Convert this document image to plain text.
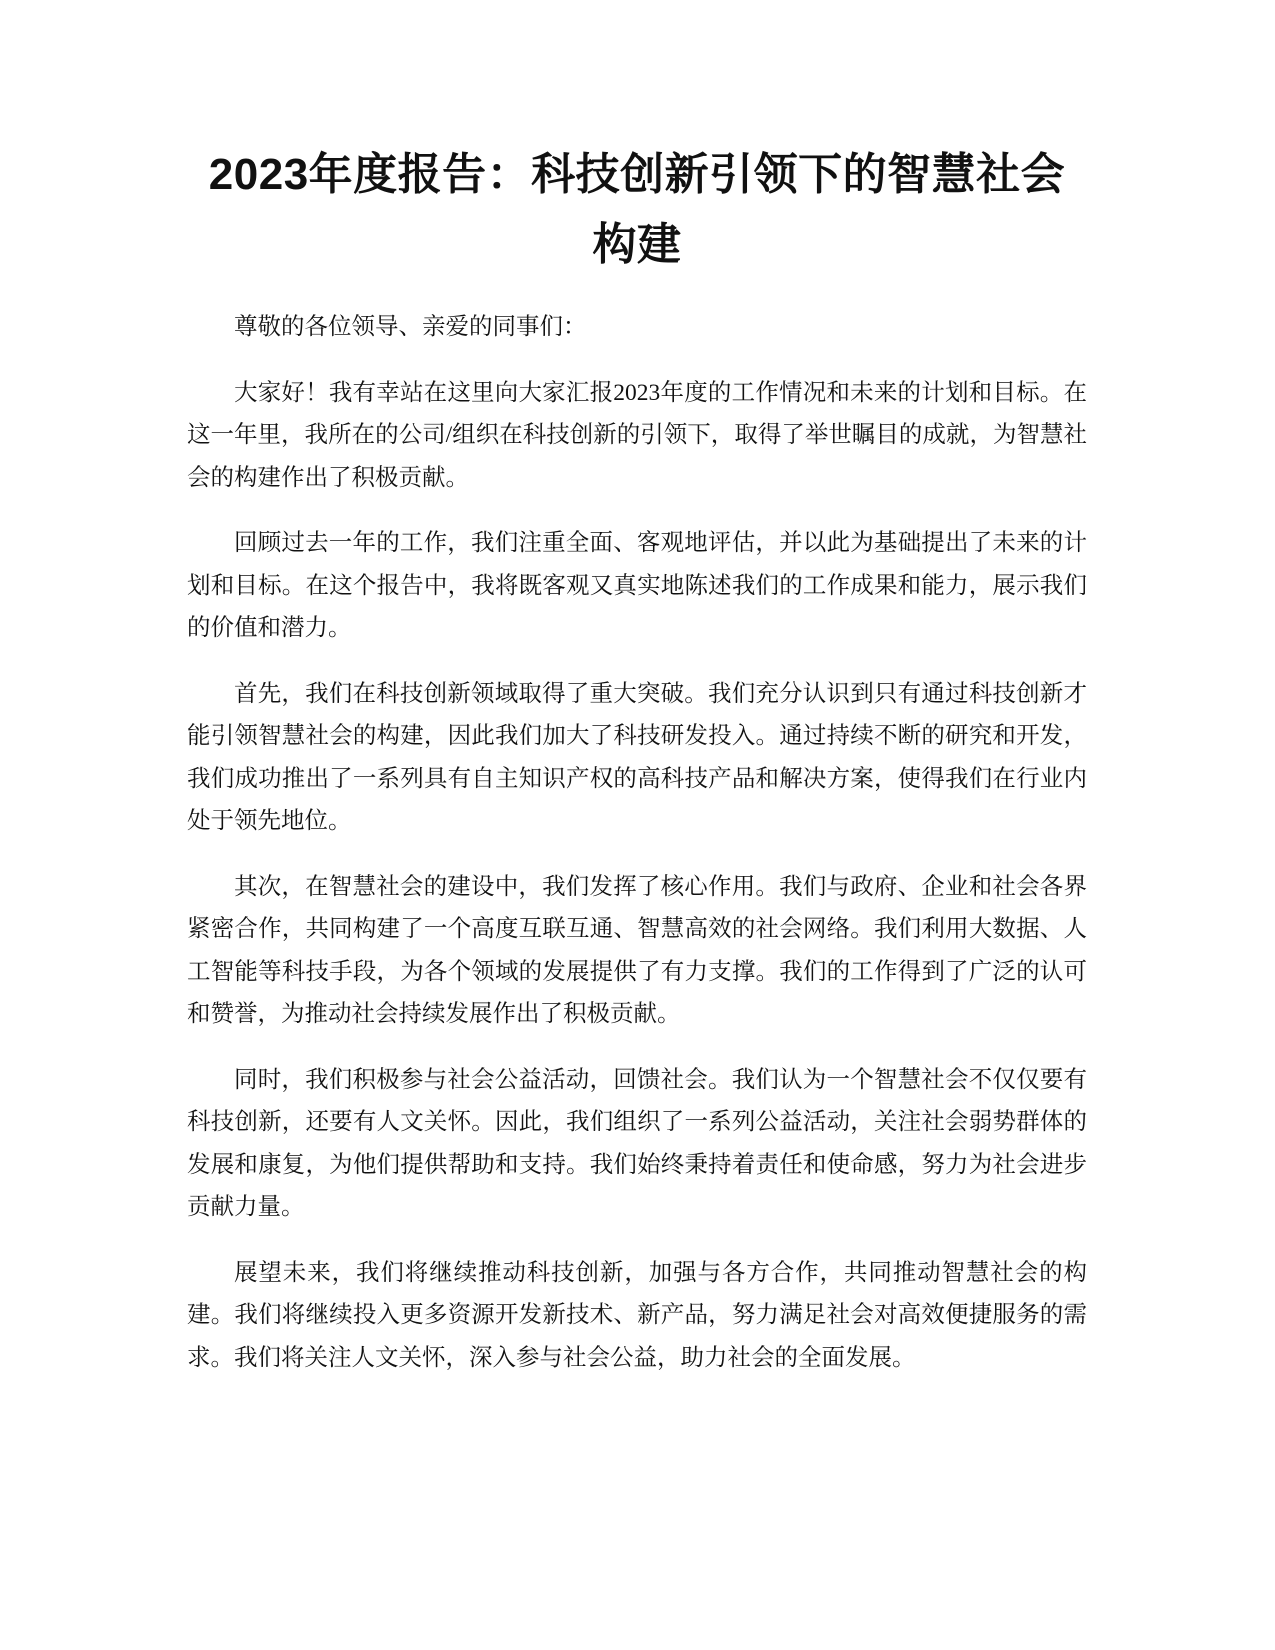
2023年度报告：科技创新引领下的智慧社会构建

尊敬的各位领导、亲爱的同事们：

大家好！我有幸站在这里向大家汇报2023年度的工作情况和未来的计划和目标。在这一年里，我所在的公司/组织在科技创新的引领下，取得了举世瞩目的成就，为智慧社会的构建作出了积极贡献。

回顾过去一年的工作，我们注重全面、客观地评估，并以此为基础提出了未来的计划和目标。在这个报告中，我将既客观又真实地陈述我们的工作成果和能力，展示我们的价值和潜力。

首先，我们在科技创新领域取得了重大突破。我们充分认识到只有通过科技创新才能引领智慧社会的构建，因此我们加大了科技研发投入。通过持续不断的研究和开发，我们成功推出了一系列具有自主知识产权的高科技产品和解决方案，使得我们在行业内处于领先地位。

其次，在智慧社会的建设中，我们发挥了核心作用。我们与政府、企业和社会各界紧密合作，共同构建了一个高度互联互通、智慧高效的社会网络。我们利用大数据、人工智能等科技手段，为各个领域的发展提供了有力支撑。我们的工作得到了广泛的认可和赞誉，为推动社会持续发展作出了积极贡献。

同时，我们积极参与社会公益活动，回馈社会。我们认为一个智慧社会不仅仅要有科技创新，还要有人文关怀。因此，我们组织了一系列公益活动，关注社会弱势群体的发展和康复，为他们提供帮助和支持。我们始终秉持着责任和使命感，努力为社会进步贡献力量。

展望未来，我们将继续推动科技创新，加强与各方合作，共同推动智慧社会的构建。我们将继续投入更多资源开发新技术、新产品，努力满足社会对高效便捷服务的需求。我们将关注人文关怀，深入参与社会公益，助力社会的全面发展。
